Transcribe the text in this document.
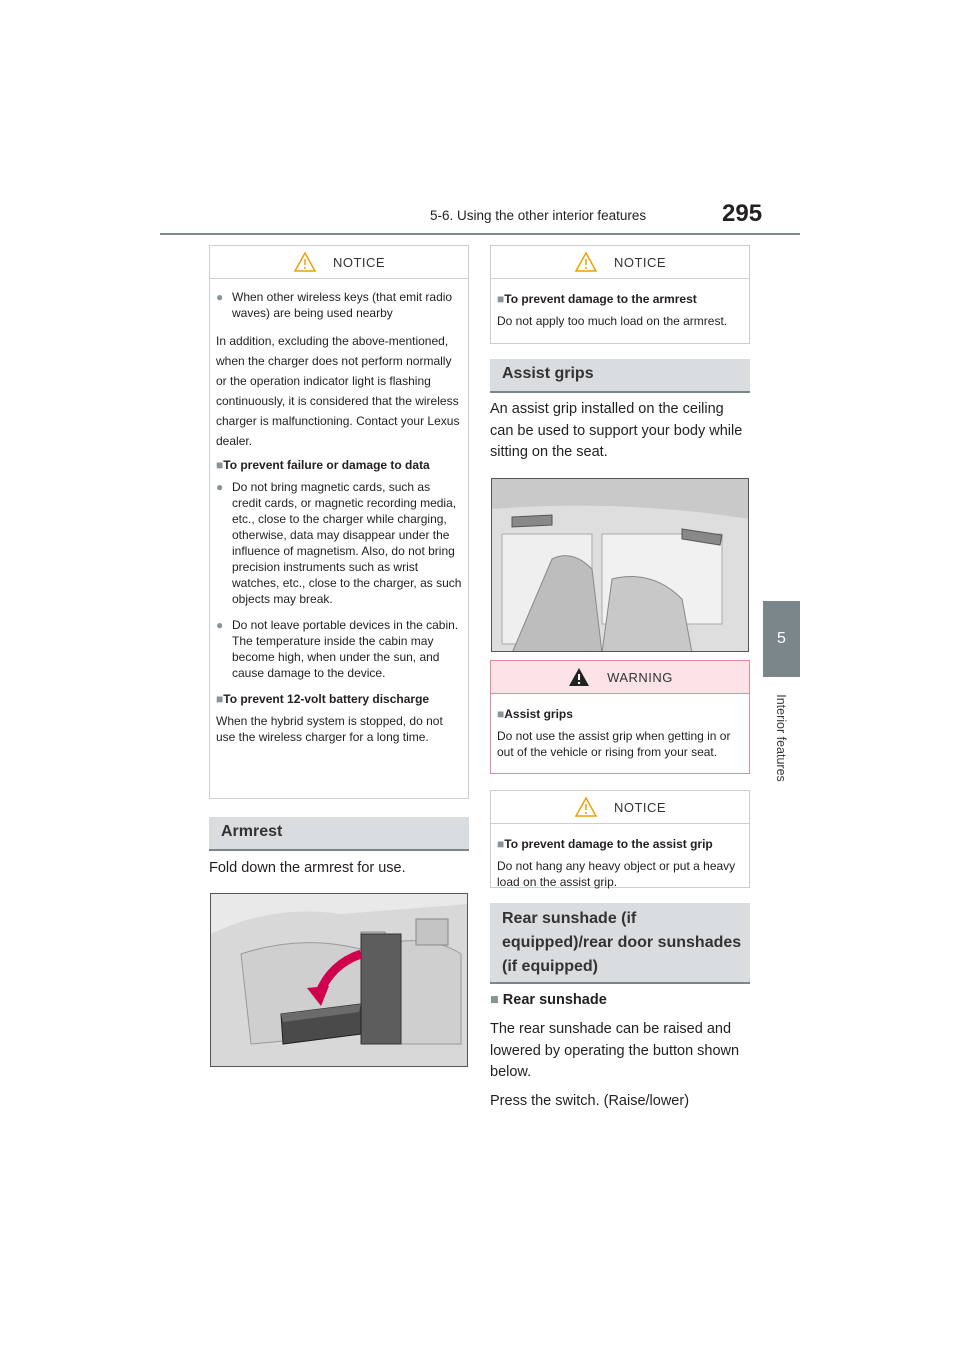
5-6. Using the other interior features	295
5
Interior features
NOTICE
● When other wireless keys (that emit radio waves) are being used nearby
In addition, excluding the above-mentioned, when the charger does not perform normally or the operation indicator light is flashing continuously, it is considered that the wireless charger is malfunctioning. Contact your Lexus dealer.
■To prevent failure or damage to data
● Do not bring magnetic cards, such as credit cards, or magnetic recording media, etc., close to the charger while charging, otherwise, data may disappear under the influence of magnetism. Also, do not bring precision instruments such as wrist watches, etc., close to the charger, as such objects may break.
● Do not leave portable devices in the cabin. The temperature inside the cabin may become high, when under the sun, and cause damage to the device.
■To prevent 12-volt battery discharge
When the hybrid system is stopped, do not use the wireless charger for a long time.
Armrest
Fold down the armrest for use.
NOTICE
■To prevent damage to the armrest
Do not apply too much load on the armrest.
Assist grips
An assist grip installed on the ceiling can be used to support your body while sitting on the seat.
WARNING
■Assist grips
Do not use the assist grip when getting in or out of the vehicle or rising from your seat.
NOTICE
■To prevent damage to the assist grip
Do not hang any heavy object or put a heavy load on the assist grip.
Rear sunshade (if equipped)/rear door sunshades (if equipped)
■ Rear sunshade
The rear sunshade can be raised and lowered by operating the button shown below.
Press the switch. (Raise/lower)
